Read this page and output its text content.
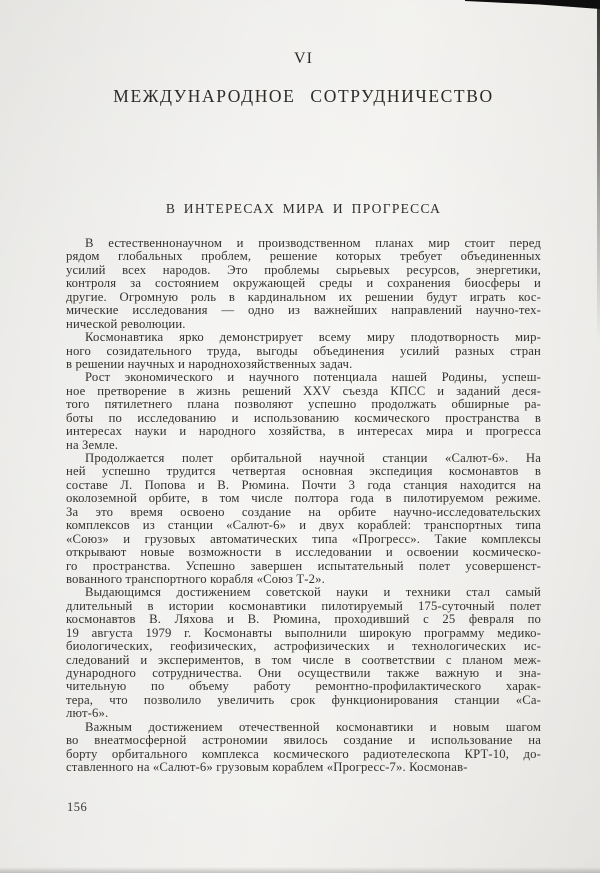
VI
МЕЖДУНАРОДНОЕ СОТРУДНИЧЕСТВО
В ИНТЕРЕСАХ МИРА И ПРОГРЕССА
В естественнонаучном и производственном планах мир стоит перед
рядом глобальных проблем, решение которых требует объединенных
усилий всех народов. Это проблемы сырьевых ресурсов, энергетики,
контроля за состоянием окружающей среды и сохранения биосферы и
другие. Огромную роль в кардинальном их решении будут играть кос-
мические исследования — одно из важнейших направлений научно-тех-
нической революции.
Космонавтика ярко демонстрирует всему миру плодотворность мир-
ного созидательного труда, выгоды объединения усилий разных стран
в решении научных и народнохозяйственных задач.
Рост экономического и научного потенциала нашей Родины, успеш-
ное претворение в жизнь решений XXV съезда КПСС и заданий деся-
того пятилетнего плана позволяют успешно продолжать обширные ра-
боты по исследованию и использованию космического пространства в
интересах науки и народного хозяйства, в интересах мира и прогресса
на Земле.
Продолжается полет орбитальной научной станции «Салют-6». На
ней успешно трудится четвертая основная экспедиция космонавтов в
составе Л. Попова и В. Рюмина. Почти 3 года станция находится на
околоземной орбите, в том числе полтора года в пилотируемом режиме.
За это время освоено создание на орбите научно-исследовательских
комплексов из станции «Салют-6» и двух кораблей: транспортных типа
«Союз» и грузовых автоматических типа «Прогресс». Такие комплексы
открывают новые возможности в исследовании и освоении космическо-
го пространства. Успешно завершен испытательный полет усовершенст-
вованного транспортного корабля «Союз Т-2».
Выдающимся достижением советской науки и техники стал самый
длительный в истории космонавтики пилотируемый 175-суточный полет
космонавтов В. Ляхова и В. Рюмина, проходивший с 25 февраля по
19 августа 1979 г. Космонавты выполнили широкую программу медико-
биологических, геофизических, астрофизических и технологических ис-
следований и экспериментов, в том числе в соответствии с планом меж-
дународного сотрудничества. Они осуществили также важную и зна-
чительную по объему работу ремонтно-профилактического харак-
тера, что позволило увеличить срок функционирования станции «Са-
лют-6».
Важным достижением отечественной космонавтики и новым шагом
во внеатмосферной астрономии явилось создание и использование на
борту орбитального комплекса космического радиотелескопа КРТ-10, до-
ставленного на «Салют-6» грузовым кораблем «Прогресс-7». Космонав-
156
